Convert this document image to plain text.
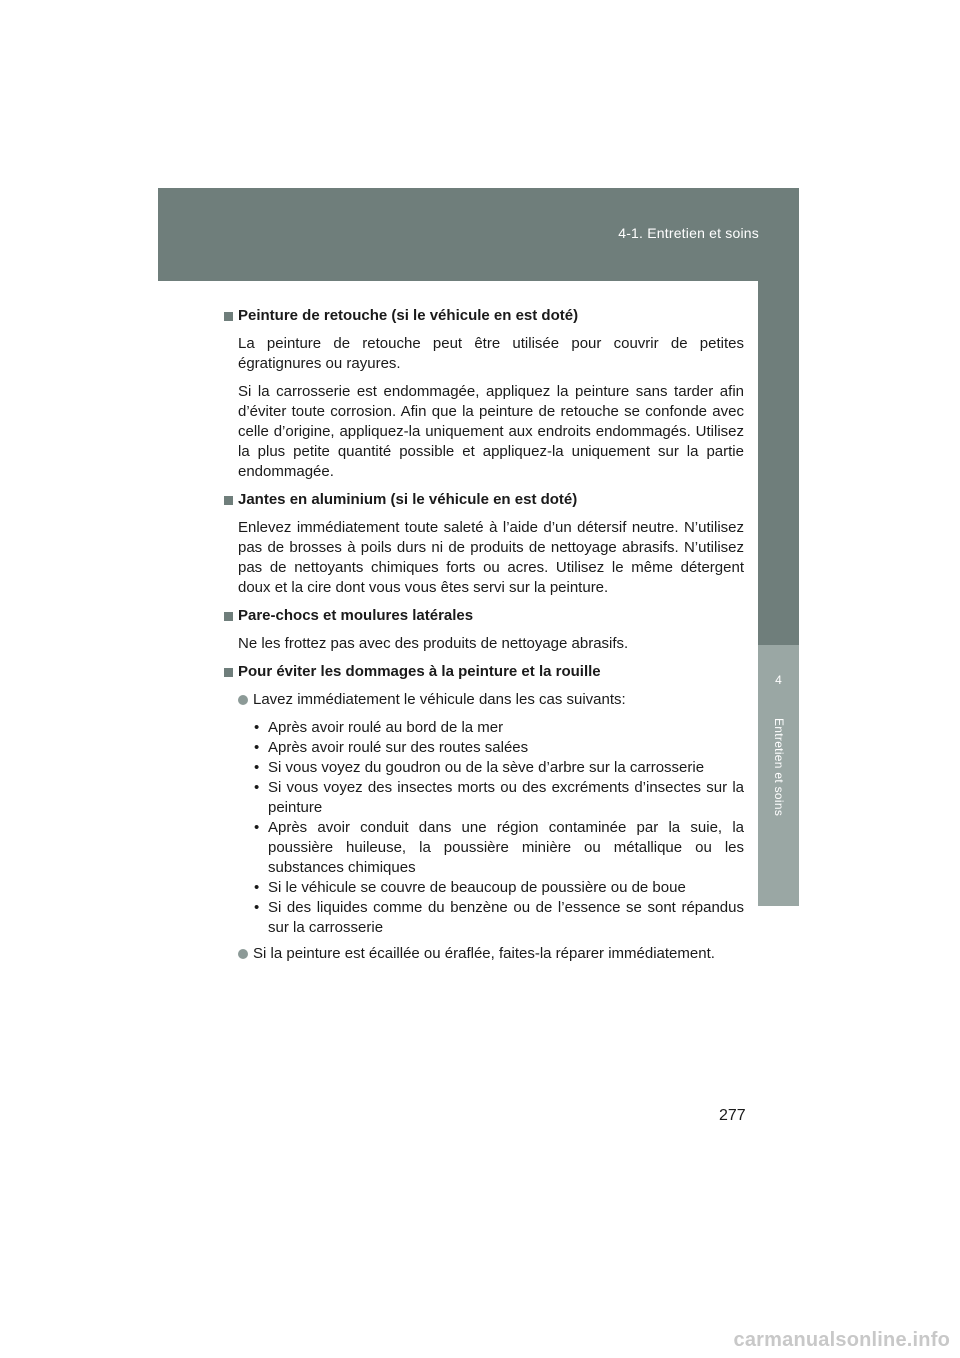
4-1. Entretien et soins
4
Entretien et soins
Peinture de retouche (si le véhicule en est doté)

La peinture de retouche peut être utilisée pour couvrir de petites égratignures ou rayures.

Si la carrosserie est endommagée, appliquez la peinture sans tarder afin d’éviter toute corrosion. Afin que la peinture de retouche se confonde avec celle d’origine, appliquez-la uniquement aux endroits endommagés. Utilisez la plus petite quantité possible et appliquez-la uniquement sur la partie endommagée.

Jantes en aluminium (si le véhicule en est doté)

Enlevez immédiatement toute saleté à l’aide d’un détersif neutre. N’utilisez pas de brosses à poils durs ni de produits de nettoyage abrasifs. N’utilisez pas de nettoyants chimiques forts ou acres. Utilisez le même détergent doux et la cire dont vous vous êtes servi sur la peinture.

Pare-chocs et moulures latérales

Ne les frottez pas avec des produits de nettoyage abrasifs.

Pour éviter les dommages à la peinture et la rouille
Lavez immédiatement le véhicule dans les cas suivants:
• Après avoir roulé au bord de la mer
• Après avoir roulé sur des routes salées
• Si vous voyez du goudron ou de la sève d’arbre sur la carrosserie
• Si vous voyez des insectes morts ou des excréments d’insectes sur la peinture
• Après avoir conduit dans une région contaminée par la suie, la poussière huileuse, la poussière minière ou métallique ou les substances chimiques
• Si le véhicule se couvre de beaucoup de poussière ou de boue
• Si des liquides comme du benzène ou de l’essence se sont répandus sur la carrosserie
Si la peinture est écaillée ou éraflée, faites-la réparer immédiatement.
277
carmanualsonline.info
